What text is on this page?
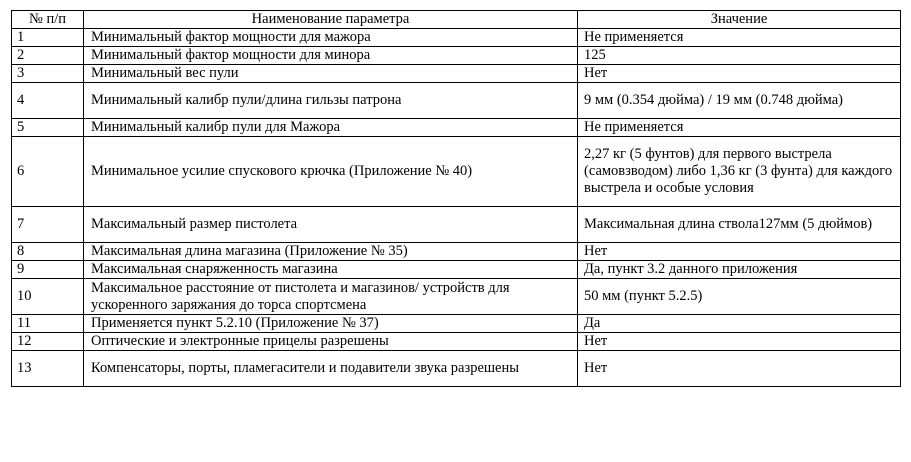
№ п/п	Наименование параметра	Значение
1	Минимальный фактор мощности для мажора	Не применяется
2	Минимальный фактор мощности для минора	125
3	Минимальный вес пули	Нет
4	Минимальный калибр пули/длина гильзы патрона	9 мм (0.354 дюйма) / 19 мм (0.748 дюйма)
5	Минимальный калибр пули для Мажора	Не применяется
6	Минимальное усилие спускового крючка (Приложение № 40)	2,27 кг (5 фунтов) для первого выстрела (самовзводом) либо 1,36 кг (3 фунта) для каждого выстрела и особые условия
7	Максимальный размер пистолета	Максимальная длина ствола127мм (5 дюймов)
8	Максимальная длина магазина (Приложение № 35)	Нет
9	Максимальная снаряженность магазина	Да, пункт 3.2 данного приложения
10	Максимальное расстояние от пистолета и магазинов/ устройств для ускоренного заряжания до торса спортсмена	50 мм (пункт 5.2.5)
11	Применяется пункт 5.2.10 (Приложение № 37)	Да
12	Оптические и электронные прицелы разрешены	Нет
13	Компенсаторы, порты, пламегасители и подавители звука разрешены	Нет
